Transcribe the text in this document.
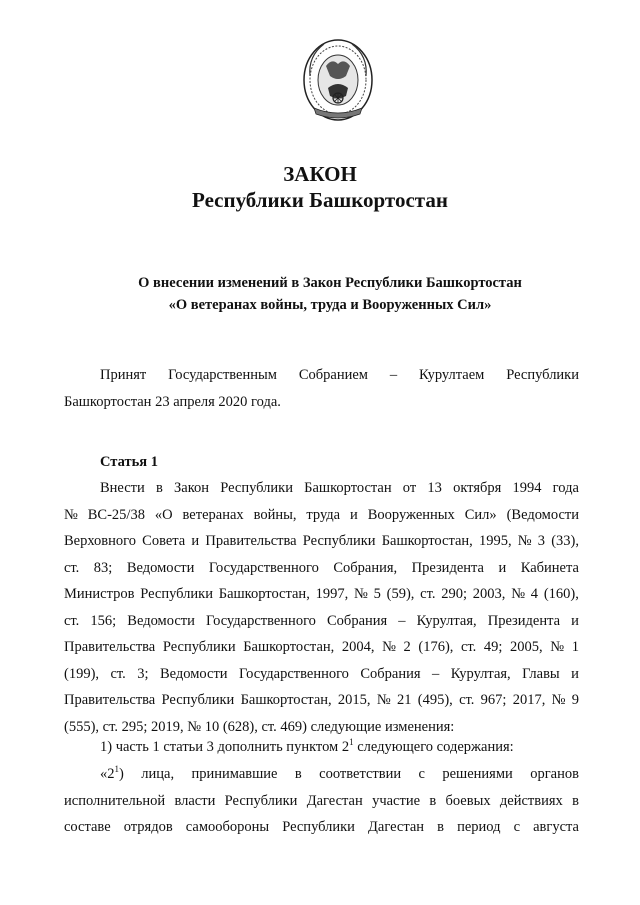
ЗАКОН
Республики Башкортостан
О внесении изменений в Закон Республики Башкортостан
«О ветеранах войны, труда и Вооруженных Сил»
Принят Государственным Собранием – Курултаем Республики
Башкортостан 23 апреля 2020 года.
Статья 1
Внести в Закон Республики Башкортостан от 13 октября 1994 года
№ ВС-25/38 «О ветеранах войны, труда и Вооруженных Сил» (Ведомости
Верховного Совета и Правительства Республики Башкортостан, 1995, № 3 (33),
ст. 83; Ведомости Государственного Собрания, Президента и Кабинета
Министров Республики Башкортостан, 1997, № 5 (59), ст. 290; 2003, № 4 (160),
ст. 156; Ведомости Государственного Собрания – Курултая, Президента и
Правительства Республики Башкортостан, 2004, № 2 (176), ст. 49; 2005, № 1
(199), ст. 3; Ведомости Государственного Собрания – Курултая, Главы и
Правительства Республики Башкортостан, 2015, № 21 (495), ст. 967; 2017, № 9
(555), ст. 295; 2019, № 10 (628), ст. 469) следующие изменения:
1) часть 1 статьи 3 дополнить пунктом $2^1$ следующего содержания:
«$2^1$) лица, принимавшие в соответствии с решениями органов
исполнительной власти Республики Дагестан участие в боевых действиях в
составе отрядов самообороны Республики Дагестан в период с августа
